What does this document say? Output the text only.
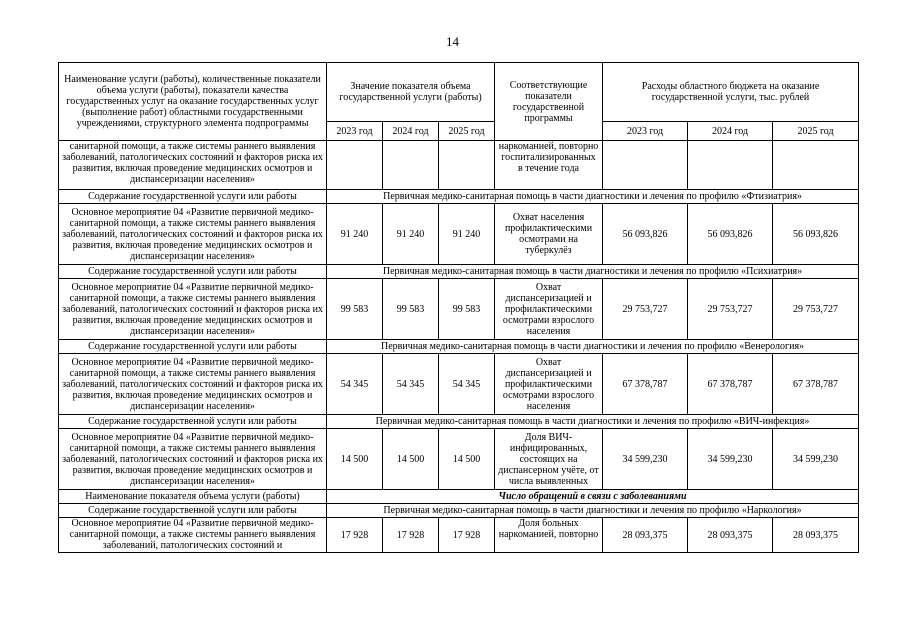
14
Наименование услуги (работы), количественные показатели объема услуги (работы), показатели качества государственных услуг на оказание государственных услуг (выполнение работ) областными государственными учреждениями, структурного элемента подпрограммы	Значение показателя объема государственной услуги (работы)			Соответствующие показатели государственной программы	Расходы областного бюджета на оказание государственной услуги, тыс. рублей		
	2023 год	2024 год	2025 год		2023 год	2024 год	2025 год
санитарной помощи, а также системы раннего выявления заболеваний, патологических состояний и факторов риска их развития, включая проведение медицинских осмотров и диспансеризации населения»				наркоманией, повторно госпитализированных в течение года			
Содержание государственной услуги или работы	Первичная медико-санитарная помощь в части диагностики и лечения по профилю «Фтизиатрия»						
Основное мероприятие 04 «Развитие первичной медико-санитарной помощи, а также системы раннего выявления заболеваний, патологических состояний и факторов риска их развития, включая проведение медицинских осмотров и диспансеризации населения»	91 240	91 240	91 240	Охват населения профилактическими осмотрами на туберкулёз	56 093,826	56 093,826	56 093,826
Содержание государственной услуги или работы	Первичная медико-санитарная помощь в части диагностики и лечения по профилю «Психиатрия»						
Основное мероприятие 04 «Развитие первичной медико-санитарной помощи, а также системы раннего выявления заболеваний, патологических состояний и факторов риска их развития, включая проведение медицинских осмотров и диспансеризации населения»	99 583	99 583	99 583	Охват диспансеризацией и профилактическими осмотрами взрослого населения	29 753,727	29 753,727	29 753,727
Содержание государственной услуги или работы	Первичная медико-санитарная помощь в части диагностики и лечения по профилю «Венерология»						
Основное мероприятие 04 «Развитие первичной медико-санитарной помощи, а также системы раннего выявления заболеваний, патологических состояний и факторов риска их развития, включая проведение медицинских осмотров и диспансеризации населения»	54 345	54 345	54 345	Охват диспансеризацией и профилактическими осмотрами взрослого населения	67 378,787	67 378,787	67 378,787
Содержание государственной услуги или работы	Первичная медико-санитарная помощь в части диагностики и лечения по профилю «ВИЧ-инфекция»						
Основное мероприятие 04 «Развитие первичной медико-санитарной помощи, а также системы раннего выявления заболеваний, патологических состояний и факторов риска их развития, включая проведение медицинских осмотров и диспансеризации населения»	14 500	14 500	14 500	Доля ВИЧ-инфицированных, состоящих на диспансерном учёте, от числа выявленных	34 599,230	34 599,230	34 599,230
Наименование показателя объема услуги (работы)	Число обращений в связи с заболеваниями						
Содержание государственной услуги или работы	Первичная медико-санитарная помощь в части диагностики и лечения по профилю «Наркология»						
Основное мероприятие 04 «Развитие первичной медико-санитарной помощи, а также системы раннего выявления заболеваний, патологических состояний и	17 928	17 928	17 928	Доля больных наркоманией, повторно	28 093,375	28 093,375	28 093,375
